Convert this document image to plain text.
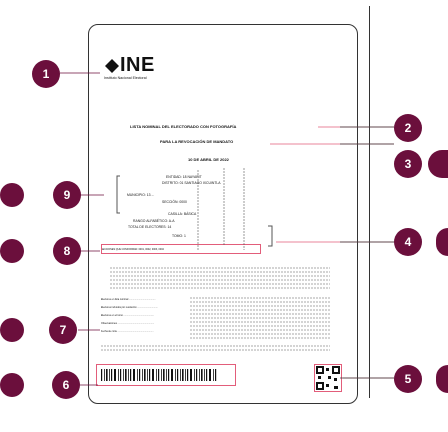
INE
Instituto Nacional Electoral
LISTA NOMINAL DEL ELECTORADO CON FOTOGRAFÍA
PARA LA REVOCACIÓN DE MANDATO
10 DE ABRIL DE 2022
ENTIDAD: 18 NAYARIT
DISTRITO: 01 SANTIAGO IXCUINTLA
MUNICIPIO: 13 ...
SECCIÓN: 0000
CASILLA: BÁSICA
RANGO ALFABÉTICO: A-A
TOTAL DE ELECTORES: 14
TOMO: 1
SECCIONES QUE CONFORMAN: 0001, 0002, 0003, 0004
Electores en lista nominal ........................................
Electores incluidos por resolución ...............................
Electores en el tomo ..............................................
Observaciones .......................................................
Fecha de corte ......................................................
1
9
8
7
6
2
3
4
5
